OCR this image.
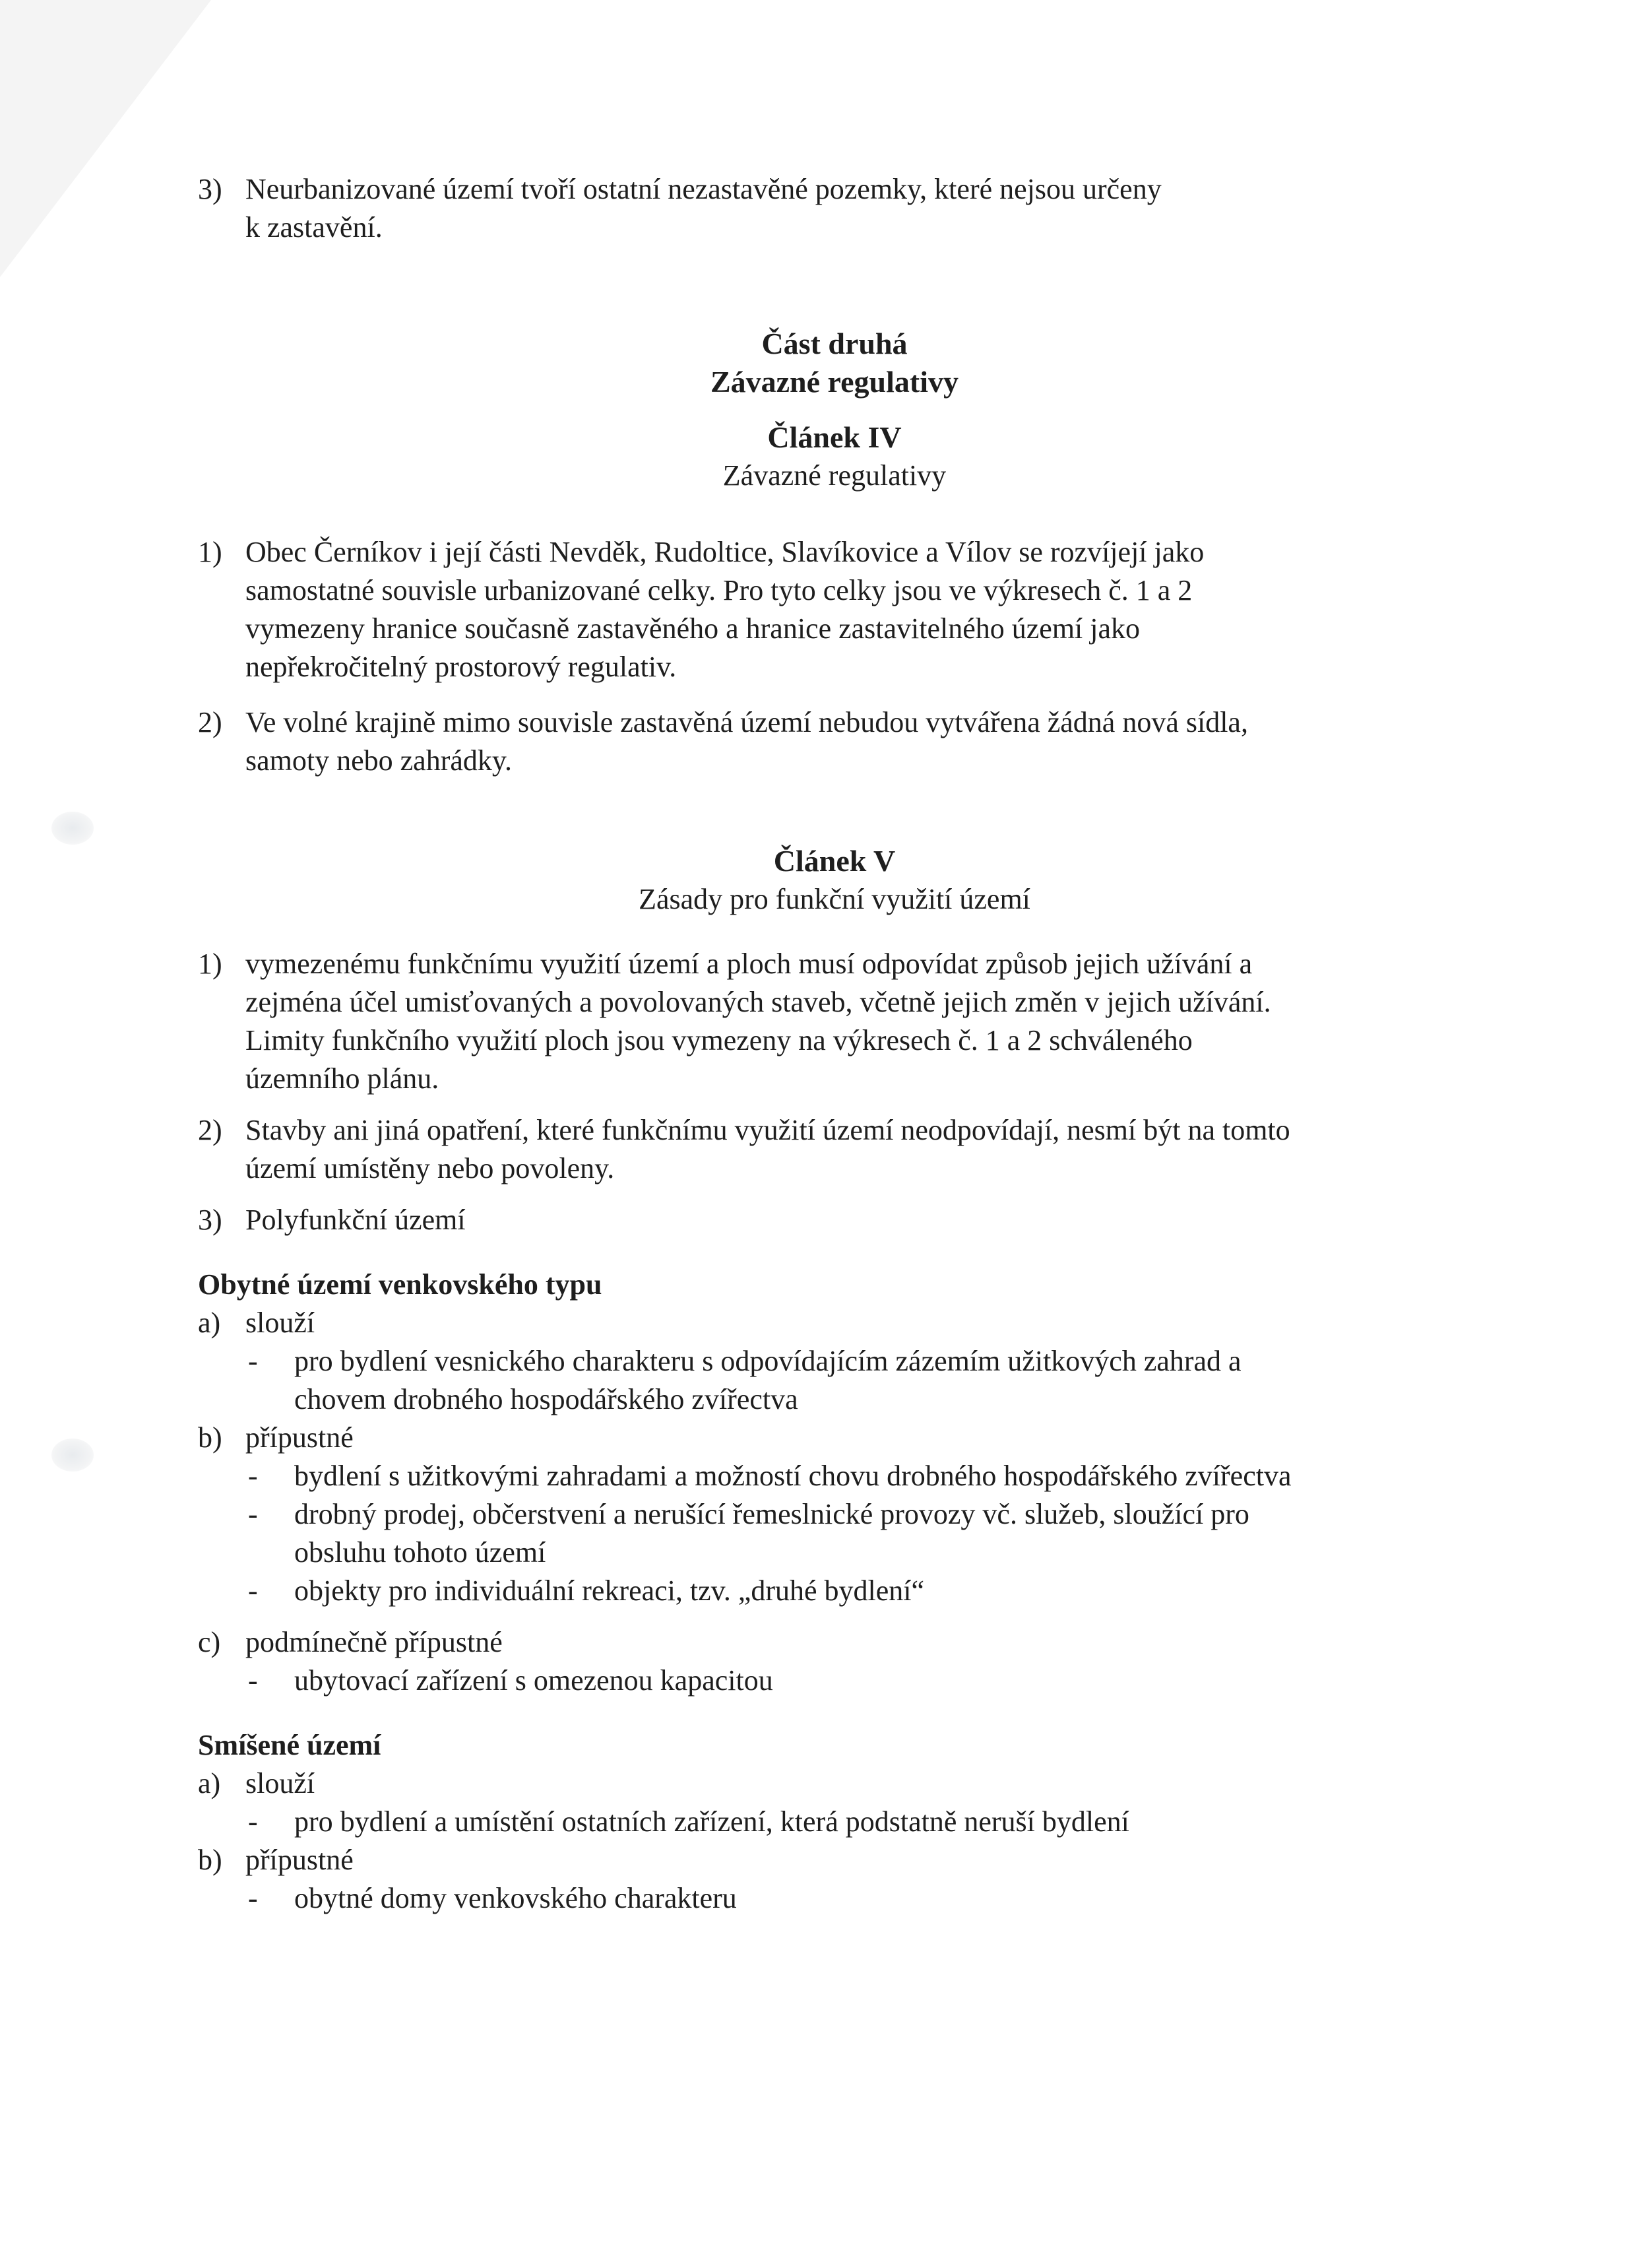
3) Neurbanizované území tvoří ostatní nezastavěné pozemky, které nejsou určeny
k zastavění.
Část druhá
Závazné regulativy
Článek IV
Závazné regulativy
1) Obec Černíkov i její části Nevděk, Rudoltice, Slavíkovice a Vílov se rozvíjejí jako
samostatné souvisle urbanizované celky. Pro tyto celky jsou ve výkresech č. 1 a 2
vymezeny hranice současně zastavěného a hranice zastavitelného území jako
nepřekročitelný prostorový regulativ.
2) Ve volné krajině mimo souvisle zastavěná území nebudou vytvářena žádná nová sídla,
samoty nebo zahrádky.
Článek V
Zásady pro funkční využití území
1) vymezenému funkčnímu využití území a ploch musí odpovídat způsob jejich užívání a
zejména účel umisťovaných a povolovaných staveb, včetně jejich změn v jejich užívání.
Limity funkčního využití ploch jsou vymezeny na výkresech č. 1 a 2 schváleného
územního plánu.
2) Stavby ani jiná opatření, které funkčnímu využití území neodpovídají, nesmí být na tomto
území umístěny nebo povoleny.
3) Polyfunkční území
Obytné území venkovského typu
a) slouží
-	pro bydlení vesnického charakteru s odpovídajícím zázemím užitkových zahrad a
chovem drobného hospodářského zvířectva
b) přípustné
-	bydlení s užitkovými zahradami a možností chovu drobného hospodářského zvířectva
-	drobný prodej, občerstvení a nerušící řemeslnické provozy vč. služeb, sloužící pro
obsluhu tohoto území
-	objekty pro individuální rekreaci, tzv. „druhé bydlení“
c) podmínečně přípustné
-	ubytovací zařízení s omezenou kapacitou
Smíšené území
a) slouží
-	pro bydlení a umístění ostatních zařízení, která podstatně neruší bydlení
b) přípustné
-	obytné domy venkovského charakteru
